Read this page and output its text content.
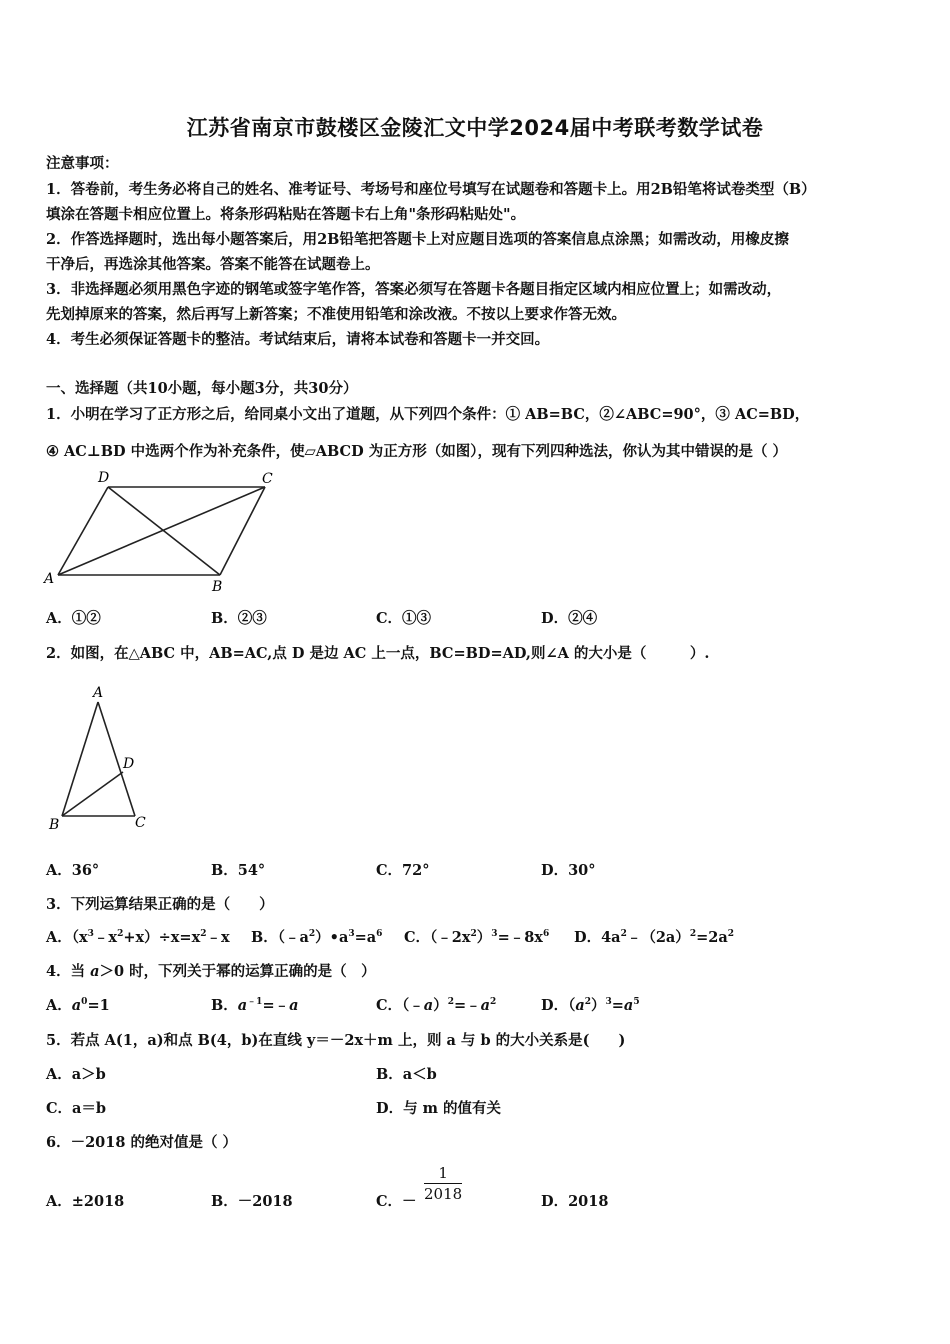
江苏省南京市鼓楼区金陵汇文中学2024届中考联考数学试卷
注意事项：
1．答卷前，考生务必将自己的姓名、准考证号、考场号和座位号填写在试题卷和答题卡上。用2B铅笔将试卷类型（B）
填涂在答题卡相应位置上。将条形码粘贴在答题卡右上角"条形码粘贴处"。
2．作答选择题时，选出每小题答案后，用2B铅笔把答题卡上对应题目选项的答案信息点涂黑；如需改动，用橡皮擦
干净后，再选涂其他答案。答案不能答在试题卷上。
3．非选择题必须用黑色字迹的钢笔或签字笔作答，答案必须写在答题卡各题目指定区域内相应位置上；如需改动，
先划掉原来的答案，然后再写上新答案；不准使用铅笔和涂改液。不按以上要求作答无效。
4．考生必须保证答题卡的整洁。考试结束后，请将本试卷和答题卡一并交回。
一、选择题（共10小题，每小题3分，共30分）
1．小明在学习了正方形之后，给同桌小文出了道题，从下列四个条件：① AB=BC，②∠ABC=90°，③ AC=BD，
④ AC⊥BD 中选两个作为补充条件，使▱ABCD 为正方形（如图），现有下列四种选法，你认为其中错误的是（ ）
D	C
A	B
A．①②	B．②③	C．①③	D．②④
2．如图，在△ABC 中，AB=AC,点 D 是边 AC 上一点，BC=BD=AD,则∠A 的大小是（　　　）.
A
D
B	C
A．36°	B．54°	C．72°	D．30°
3．下列运算结果正确的是（　　）
A．$(x^3﹣x^2+x)\div x=x^2﹣x$ B．$(﹣a^2)•a^3=a^6$ C．$(﹣2x^2)^3=﹣8x^6$ D．$4a^2﹣(2a)^2=2a^2$
4．当 a＞0 时，下列关于幂的运算正确的是（　）
A．$a^0=1$	B．$a^{﹣1}=﹣a$	C．$(﹣a)^2=﹣a^2$	D．$(a^2)^3=a^5$
5．若点 A(1，a)和点 B(4，b)在直线 y＝－2x＋m 上，则 a 与 b 的大小关系是(　　)
A．a＞b	B．a＜b
C．a＝b	D．与 m 的值有关
6．－2018 的绝对值是（ ）
A．±2018	B．－2018	C．－ $\frac{1}{2018}$	D．2018
